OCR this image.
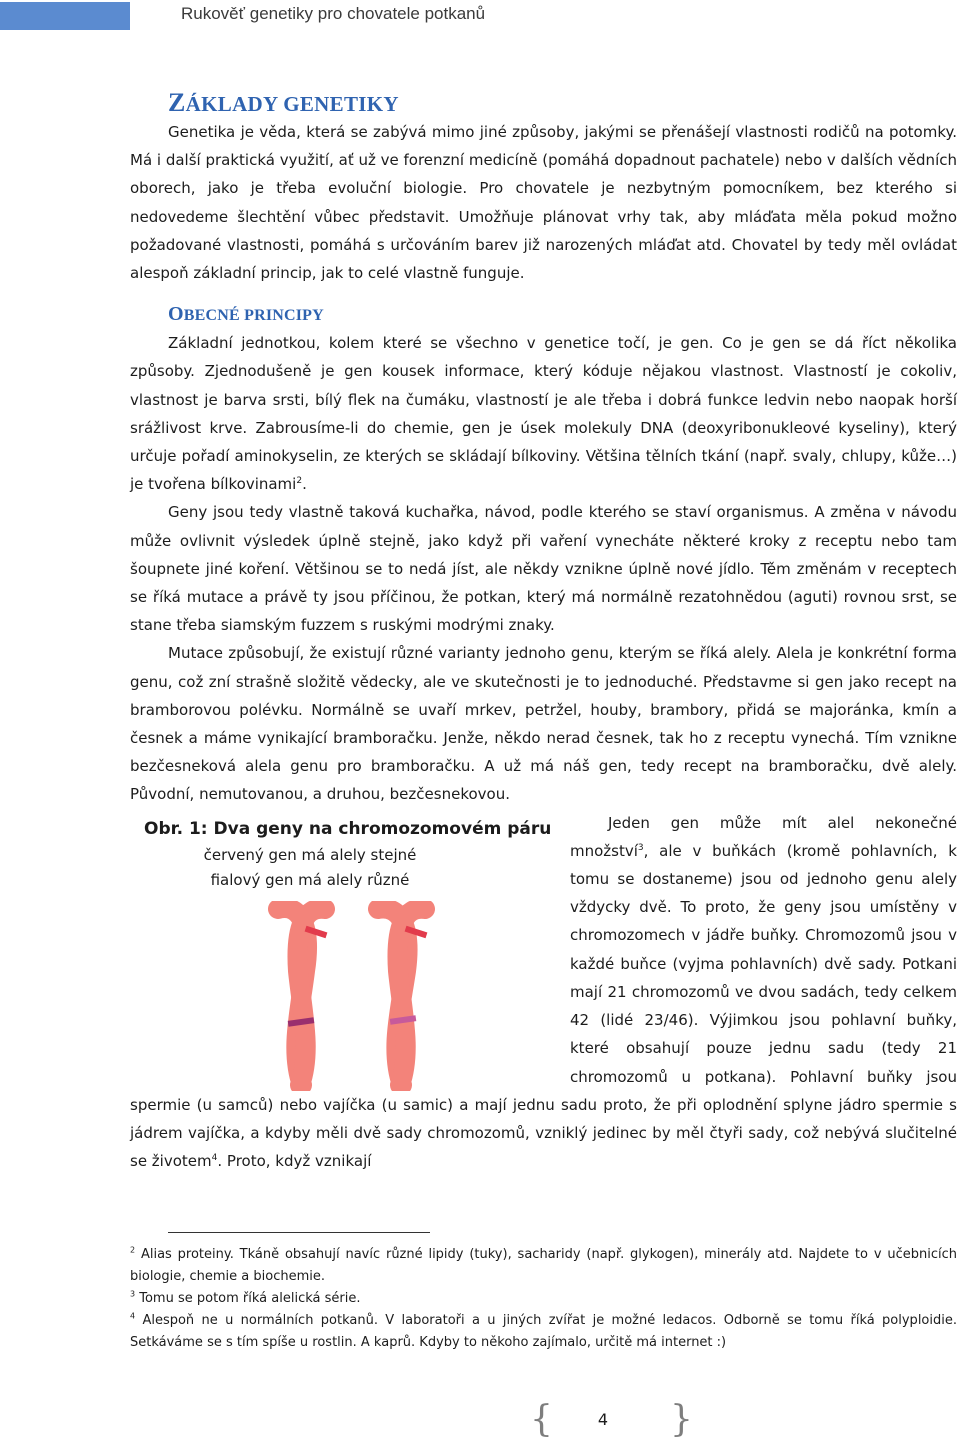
Rukověť genetiky pro chovatele potkanů
ZÁKLADY GENETIKY

Genetika je věda, která se zabývá mimo jiné způsoby, jakými se přenášejí vlastnosti rodičů na potomky. Má i další praktická využití, ať už ve forenzní medicíně (pomáhá dopadnout pachatele) nebo v dalších vědních oborech, jako je třeba evoluční biologie. Pro chovatele je nezbytným pomocníkem, bez kterého si nedovedeme šlechtění vůbec představit. Umožňuje plánovat vrhy tak, aby mláďata měla pokud možno požadované vlastnosti, pomáhá s určováním barev již narozených mláďat atd. Chovatel by tedy měl ovládat alespoň základní princip, jak to celé vlastně funguje.

OBECNÉ PRINCIPY

Základní jednotkou, kolem které se všechno v genetice točí, je gen. Co je gen se dá říct několika způsoby. Zjednodušeně je gen kousek informace, který kóduje nějakou vlastnost. Vlastností je cokoliv, vlastnost je barva srsti, bílý flek na čumáku, vlastností je ale třeba i dobrá funkce ledvin nebo naopak horší srážlivost krve. Zabrousíme-li do chemie, gen je úsek molekuly DNA (deoxyribonukleové kyseliny), který určuje pořadí aminokyselin, ze kterých se skládají bílkoviny. Většina tělních tkání (např. svaly, chlupy, kůže…) je tvořena bílkovinami$^2$.

Geny jsou tedy vlastně taková kuchařka, návod, podle kterého se staví organismus. A změna v návodu může ovlivnit výsledek úplně stejně, jako když při vaření vynecháte některé kroky z receptu nebo tam šoupnete jiné koření. Většinou se to nedá jíst, ale někdy vznikne úplně nové jídlo. Těm změnám v receptech se říká mutace a právě ty jsou příčinou, že potkan, který má normálně rezatohnědou (aguti) rovnou srst, se stane třeba siamským fuzzem s ruskými modrými znaky.

Mutace způsobují, že existují různé varianty jednoho genu, kterým se říká alely. Alela je konkrétní forma genu, což zní strašně složitě vědecky, ale ve skutečnosti je to jednoduché. Představme si gen jako recept na bramborovou polévku. Normálně se uvaří mrkev, petržel, houby, brambory, přidá se majoránka, kmín a česnek a máme vynikající bramboračku. Jenže, někdo nerad česnek, tak ho z receptu vynechá. Tím vznikne bezčesneková alela genu pro bramboračku. A už má náš gen, tedy recept na bramboračku, dvě alely. Původní, nemutovanou, a druhou, bezčesnekovou.

Obr. 1: Dva geny na chromozomovém páru
červený gen má alely stejné
fialový gen má alely různé

Jeden gen může mít alel nekonečné množství$^3$, ale v buňkách (kromě pohlavních, k tomu se dostaneme) jsou od jednoho genu alely vždycky dvě. To proto, že geny jsou umístěny v chromozomech v jádře buňky. Chromozomů jsou v každé buňce (vyjma pohlavních) dvě sady. Potkani mají 21 chromozomů ve dvou sadách, tedy celkem 42 (lidé 23/46). Výjimkou jsou pohlavní buňky, které obsahují pouze jednu sadu (tedy 21 chromozomů u potkana). Pohlavní buňky jsou spermie (u samců) nebo vajíčka (u samic) a mají jednu sadu proto, že při oplodnění splyne jádro spermie s jádrem vajíčka, a kdyby měli dvě sady chromozomů, vzniklý jedinec by měl čtyři sady, což nebývá slučitelné se životem$^4$. Proto, když vznikají

$^2$ Alias proteiny. Tkáně obsahují navíc různé lipidy (tuky), sacharidy (např. glykogen), minerály atd. Najdete to v učebnicích biologie, chemie a biochemie.

$^3$ Tomu se potom říká alelická série.

$^4$ Alespoň ne u normálních potkanů. V laboratoři a u jiných zvířat je možné ledacos. Odborně se tomu říká polyploidie. Setkáváme se s tím spíše u rostlin. A kaprů. Kdyby to někoho zajímalo, určitě má internet :)

{	4 }
